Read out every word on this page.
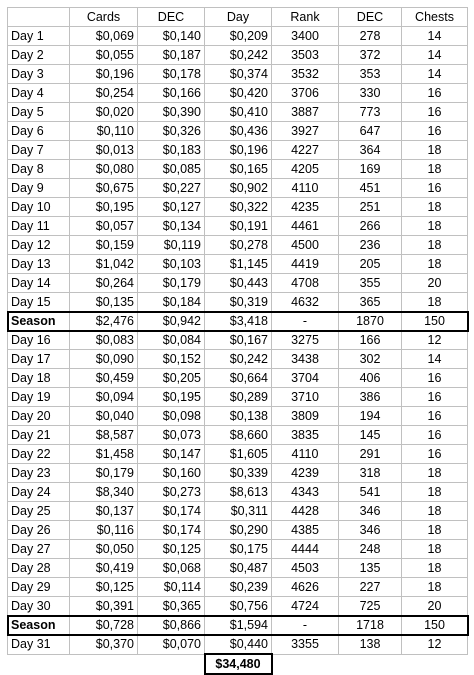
	Cards	DEC	Day	Rank	DEC	Chests
Day 1	$0,069	$0,140	$0,209	3400	278	14
Day 2	$0,055	$0,187	$0,242	3503	372	14
Day 3	$0,196	$0,178	$0,374	3532	353	14
Day 4	$0,254	$0,166	$0,420	3706	330	16
Day 5	$0,020	$0,390	$0,410	3887	773	16
Day 6	$0,110	$0,326	$0,436	3927	647	16
Day 7	$0,013	$0,183	$0,196	4227	364	18
Day 8	$0,080	$0,085	$0,165	4205	169	18
Day 9	$0,675	$0,227	$0,902	4110	451	16
Day 10	$0,195	$0,127	$0,322	4235	251	18
Day 11	$0,057	$0,134	$0,191	4461	266	18
Day 12	$0,159	$0,119	$0,278	4500	236	18
Day 13	$1,042	$0,103	$1,145	4419	205	18
Day 14	$0,264	$0,179	$0,443	4708	355	20
Day 15	$0,135	$0,184	$0,319	4632	365	18
Season	$2,476	$0,942	$3,418	-	1870	150
Day 16	$0,083	$0,084	$0,167	3275	166	12
Day 17	$0,090	$0,152	$0,242	3438	302	14
Day 18	$0,459	$0,205	$0,664	3704	406	16
Day 19	$0,094	$0,195	$0,289	3710	386	16
Day 20	$0,040	$0,098	$0,138	3809	194	16
Day 21	$8,587	$0,073	$8,660	3835	145	16
Day 22	$1,458	$0,147	$1,605	4110	291	16
Day 23	$0,179	$0,160	$0,339	4239	318	18
Day 24	$8,340	$0,273	$8,613	4343	541	18
Day 25	$0,137	$0,174	$0,311	4428	346	18
Day 26	$0,116	$0,174	$0,290	4385	346	18
Day 27	$0,050	$0,125	$0,175	4444	248	18
Day 28	$0,419	$0,068	$0,487	4503	135	18
Day 29	$0,125	$0,114	$0,239	4626	227	18
Day 30	$0,391	$0,365	$0,756	4724	725	20
Season	$0,728	$0,866	$1,594	-	1718	150
Day 31	$0,370	$0,070	$0,440	3355	138	12
			$34,480			
